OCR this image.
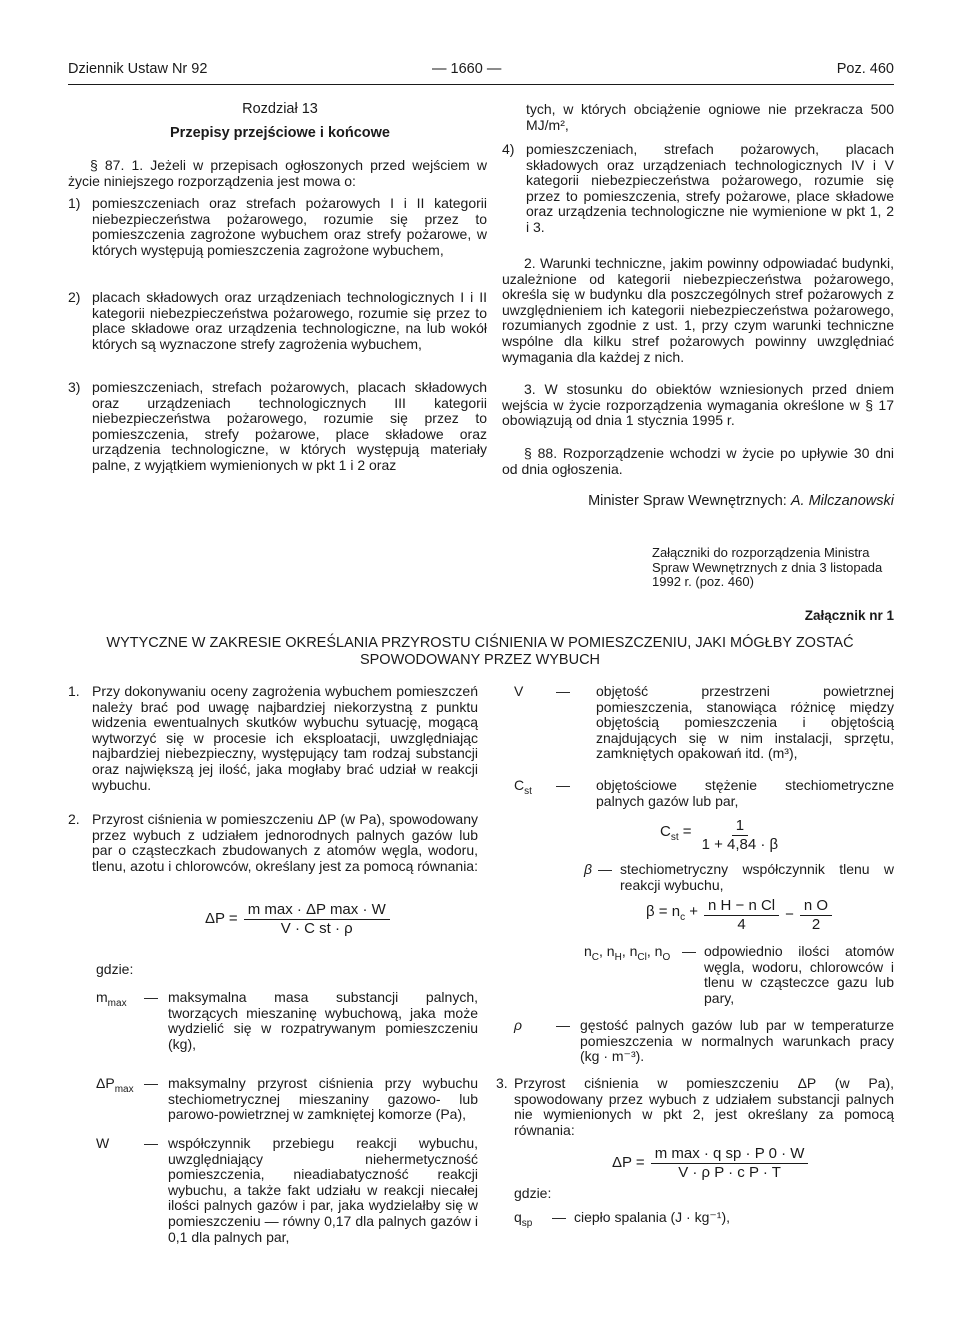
Dziennik Ustaw Nr 92	— 1660 —	Poz. 460
Rozdział 13
Przepisy przejściowe i końcowe
§ 87. 1. Jeżeli w przepisach ogłoszonych przed wejściem w życie niniejszego rozporządzenia jest mowa o:
1) pomieszczeniach oraz strefach pożarowych I i II kategorii niebezpieczeństwa pożarowego, rozumie się przez to pomieszczenia zagrożone wybuchem oraz strefy pożarowe, w których występują pomieszczenia zagrożone wybuchem,
2) placach składowych oraz urządzeniach technologicznych I i II kategorii niebezpieczeństwa pożarowego, rozumie się przez to place składowe oraz urządzenia technologiczne, na lub wokół których są wyznaczone strefy zagrożenia wybuchem,
3) pomieszczeniach, strefach pożarowych, placach składowych oraz urządzeniach technologicznych III kategorii niebezpieczeństwa pożarowego, rozumie się przez to pomieszczenia, strefy pożarowe, place składowe oraz urządzenia technologiczne, w których występują materiały palne, z wyjątkiem wymienionych w pkt 1 i 2 oraz
tych, w których obciążenie ogniowe nie przekracza 500 MJ/m²,
4) pomieszczeniach, strefach pożarowych, placach składowych oraz urządzeniach technologicznych IV i V kategorii niebezpieczeństwa pożarowego, rozumie się przez to pomieszczenia, strefy pożarowe, place składowe oraz urządzenia technologiczne nie wymienione w pkt 1, 2 i 3.
2. Warunki techniczne, jakim powinny odpowiadać budynki, uzależnione od kategorii niebezpieczeństwa pożarowego, określa się w budynku dla poszczególnych stref pożarowych z uwzględnieniem ich kategorii niebezpieczeństwa pożarowego, rozumianych zgodnie z ust. 1, przy czym warunki techniczne wspólne dla kilku stref pożarowych powinny uwzględniać wymagania dla każdej z nich.
3. W stosunku do obiektów wzniesionych przed dniem wejścia w życie rozporządzenia wymagania określone w § 17 obowiązują od dnia 1 stycznia 1995 r.
§ 88. Rozporządzenie wchodzi w życie po upływie 30 dni od dnia ogłoszenia.
Minister Spraw Wewnętrznych: A. Milczanowski
Załączniki do rozporządzenia Ministra Spraw Wewnętrznych z dnia 3 listopada 1992 r. (poz. 460)
Załącznik nr 1
WYTYCZNE W ZAKRESIE OKREŚLANIA PRZYROSTU CIŚNIENIA W POMIESZCZENIU, JAKI MÓGŁBY ZOSTAĆ
SPOWODOWANY PRZEZ WYBUCH
1. Przy dokonywaniu oceny zagrożenia wybuchem pomieszczeń należy brać pod uwagę najbardziej niekorzystną z punktu widzenia ewentualnych skutków wybuchu sytuację, mogącą wytworzyć się w procesie ich eksploatacji, uwzględniając najbardziej niebezpieczny, występujący tam rodzaj substancji oraz największą jej ilość, jaka mogłaby brać udział w reakcji wybuchu.
2. Przyrost ciśnienia w pomieszczeniu ΔP (w Pa), spowodowany przez wybuch z udziałem jednorodnych palnych gazów lub par o cząsteczkach zbudowanych z atomów węgla, wodoru, tlenu, azotu i chlorowców, określany jest za pomocą równania:
$\Delta P = \frac{\text{m max · ΔP max · W}}{\text{V · C st · ρ}}$
gdzie:
$m_{max}$ — maksymalna masa substancji palnych, tworzących mieszaninę wybuchową, jaka może wydzielić się w rozpatrywanym pomieszczeniu (kg),
$\Delta P_{max}$ — maksymalny przyrost ciśnienia przy wybuchu stechiometrycznej mieszaniny gazowo- lub parowo-powietrznej w zamkniętej komorze (Pa),
W — współczynnik przebiegu reakcji wybuchu, uwzględniający niehermetyczność pomieszczenia, nieadiabatyczność reakcji wybuchu, a także fakt udziału w reakcji niecałej ilości palnych gazów i par, jaka wydzielałby się w pomieszczeniu — równy 0,17 dla palnych gazów i 0,1 dla palnych par,
V — objętość przestrzeni powietrznej pomieszczenia, stanowiąca różnicę między objętością pomieszczenia i objętością znajdujących się w nim instalacji, sprzętu, zamkniętych opakowań itd. (m³),
$C_{st}$ — objętościowe stężenie stechiometryczne palnych gazów lub par,
$C_{st} = \frac{1}{1 + 4,84 \cdot \beta}$
β — stechiometryczny współczynnik tlenu w reakcji wybuchu,
$\beta = n_c + \frac{\text{n H − n Cl}}{4} - \frac{\text{n O}}{2}$
$n_C$, $n_H$, $n_{Cl}$, $n_O$ — odpowiednio ilości atomów węgla, wodoru, chlorowców i tlenu w cząsteczce gazu lub pary,
ρ — gęstość palnych gazów lub par w temperaturze pomieszczenia w normalnych warunkach pracy (kg · m⁻³).
3. Przyrost ciśnienia w pomieszczeniu ΔP (w Pa), spowodowany przez wybuch z udziałem substancji palnych nie wymienionych w pkt 2, jest określany za pomocą równania:
$\Delta P = \frac{\text{m max · q sp · P 0 · W}}{\text{V · ρ P · c P · T}}$
gdzie:
$q_{sp}$ — ciepło spalania (J · kg⁻¹),
